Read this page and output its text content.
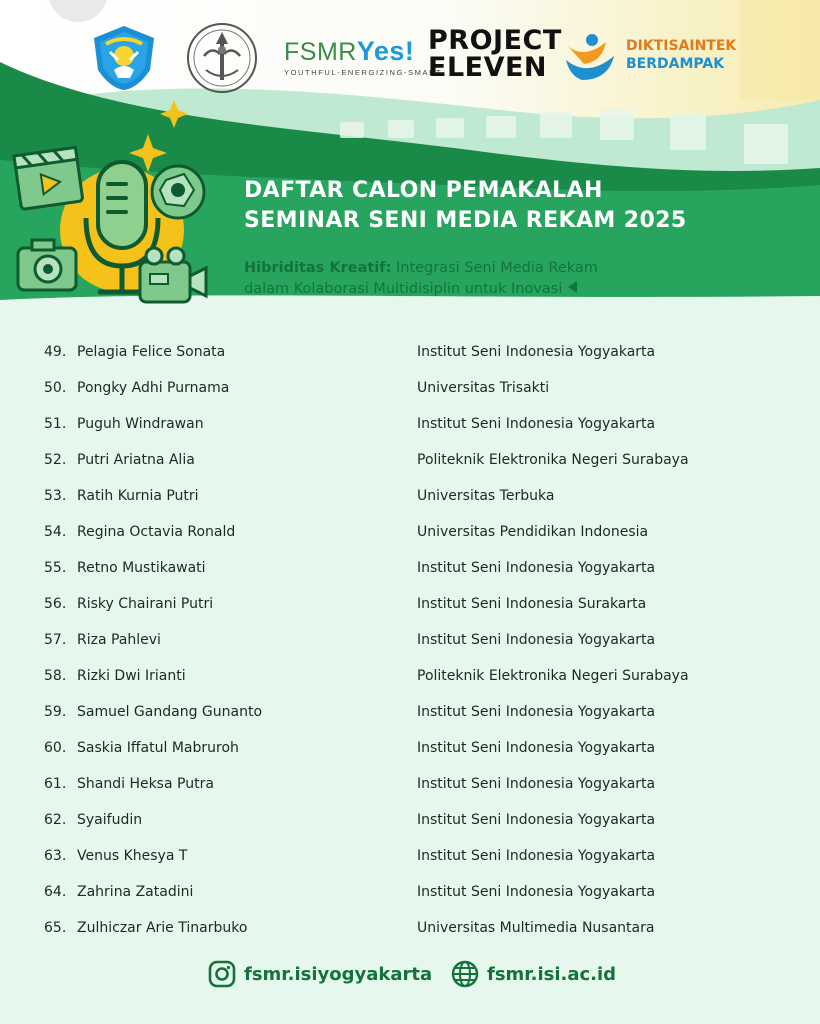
FSMRYes!
YOUTHFUL-ENERGIZING-SMART
PROJECT
ELEVEN
DIKTISAINTEK
BERDAMPAK
DAFTAR CALON PEMAKALAH
SEMINAR SENI MEDIA REKAM 2025
Hibriditas Kreatif: Integrasi Seni Media Rekam
dalam Kolaborasi Multidisiplin untuk Inovasi
49. Pelagia Felice Sonata	Institut Seni Indonesia Yogyakarta
50. Pongky Adhi Purnama	Universitas Trisakti
51. Puguh Windrawan	Institut Seni Indonesia Yogyakarta
52. Putri Ariatna Alia	Politeknik Elektronika Negeri Surabaya
53. Ratih Kurnia Putri	Universitas Terbuka
54. Regina Octavia Ronald	Universitas Pendidikan Indonesia
55. Retno Mustikawati	Institut Seni Indonesia Yogyakarta
56. Risky Chairani Putri	Institut Seni Indonesia Surakarta
57. Riza Pahlevi	Institut Seni Indonesia Yogyakarta
58. Rizki Dwi Irianti	Politeknik Elektronika Negeri Surabaya
59. Samuel Gandang Gunanto	Institut Seni Indonesia Yogyakarta
60. Saskia Iffatul Mabruroh	Institut Seni Indonesia Yogyakarta
61. Shandi Heksa Putra	Institut Seni Indonesia Yogyakarta
62. Syaifudin	Institut Seni Indonesia Yogyakarta
63. Venus Khesya T	Institut Seni Indonesia Yogyakarta
64. Zahrina Zatadini	Institut Seni Indonesia Yogyakarta
65. Zulhiczar Arie Tinarbuko	Universitas Multimedia Nusantara
fsmr.isiyogyakarta	fsmr.isi.ac.id
